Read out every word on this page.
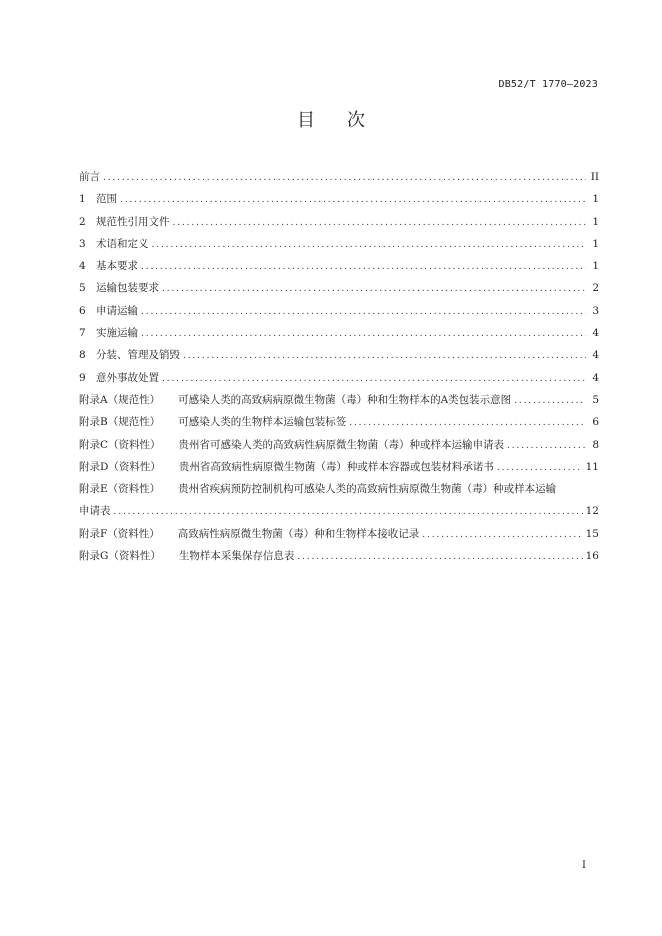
DB52/T 1770—2023
目次
前言 . . .	II
1 范围 . . .	1
2 规范性引用文件 . . .	1
3 术语和定义 . . .	1
4 基本要求 . . .	1
5 运输包装要求 . . .	2
6 申请运输 . . .	3
7 实施运输 . . .	4
8 分装、管理及销毁 . . .	4
9 意外事故处置 . . .	4
附录A（规范性） 可感染人类的高致病病原微生物菌（毒）种和生物样本的A类包装示意图 . . .	5
附录B（规范性） 可感染人类的生物样本运输包装标签 . . .	6
附录C（资料性） 贵州省可感染人类的高致病性病原微生物菌（毒）种或样本运输申请表 . . .	8
附录D（资料性） 贵州省高致病性病原微生物菌（毒）种或样本容器或包装材料承诺书 . . .	11
附录E（资料性） 贵州省疾病预防控制机构可感染人类的高致病性病原微生物菌（毒）种或样本运输
申请表 . . .	12
附录F（资料性） 高致病性病原微生物菌（毒）种和生物样本接收记录 . . .	15
附录G（资料性） 生物样本采集保存信息表 . . .	16
I
